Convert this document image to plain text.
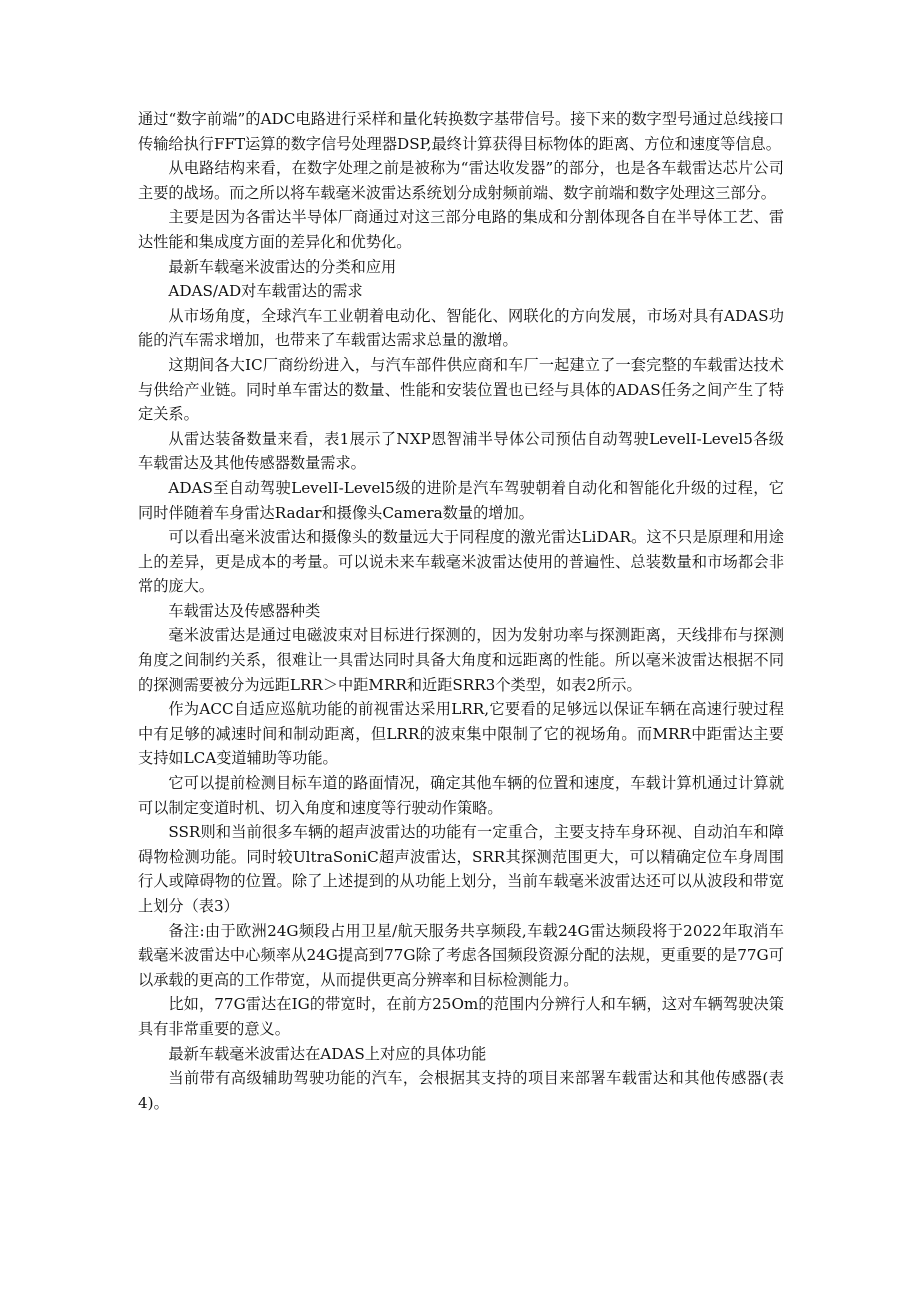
通过“数字前端”的ADC电路进行采样和量化转换数字基带信号。接下来的数字型号通过总线接口传输给执行FFT运算的数字信号处理器DSP,最终计算获得目标物体的距离、方位和速度等信息。

从电路结构来看，在数字处理之前是被称为“雷达收发器”的部分，也是各车载雷达芯片公司主要的战场。而之所以将车载毫米波雷达系统划分成射频前端、数字前端和数字处理这三部分。

主要是因为各雷达半导体厂商通过对这三部分电路的集成和分割体现各自在半导体工艺、雷达性能和集成度方面的差异化和优势化。

最新车载毫米波雷达的分类和应用

ADAS/AD对车载雷达的需求

从市场角度，全球汽车工业朝着电动化、智能化、网联化的方向发展，市场对具有ADAS功能的汽车需求增加，也带来了车载雷达需求总量的激增。

这期间各大IC厂商纷纷进入，与汽车部件供应商和车厂一起建立了一套完整的车载雷达技术与供给产业链。同时单车雷达的数量、性能和安装位置也已经与具体的ADAS任务之间产生了特定关系。

从雷达装备数量来看，表1展示了NXP恩智浦半导体公司预估自动驾驶LevelI-Level5各级车载雷达及其他传感器数量需求。

ADAS至自动驾驶LevelI-Level5级的进阶是汽车驾驶朝着自动化和智能化升级的过程，它同时伴随着车身雷达Radar和摄像头Camera数量的增加。

可以看出毫米波雷达和摄像头的数量远大于同程度的激光雷达LiDAR。这不只是原理和用途上的差异，更是成本的考量。可以说未来车载毫米波雷达使用的普遍性、总装数量和市场都会非常的庞大。

车载雷达及传感器种类

毫米波雷达是通过电磁波束对目标进行探测的，因为发射功率与探测距离，天线排布与探测角度之间制约关系，很难让一具雷达同时具备大角度和远距离的性能。所以毫米波雷达根据不同的探测需要被分为远距LRR＞中距MRR和近距SRR3个类型，如表2所示。

作为ACC自适应巡航功能的前视雷达采用LRR,它要看的足够远以保证车辆在高速行驶过程中有足够的减速时间和制动距离，但LRR的波束集中限制了它的视场角。而MRR中距雷达主要支持如LCA变道辅助等功能。

它可以提前检测目标车道的路面情况，确定其他车辆的位置和速度，车载计算机通过计算就可以制定变道时机、切入角度和速度等行驶动作策略。

SSR则和当前很多车辆的超声波雷达的功能有一定重合，主要支持车身环视、自动泊车和障碍物检测功能。同时较UltraSoniC超声波雷达，SRR其探测范围更大，可以精确定位车身周围行人或障碍物的位置。除了上述提到的从功能上划分，当前车载毫米波雷达还可以从波段和带宽上划分（表3）

备注:由于欧洲24G频段占用卫星/航天服务共享频段,车载24G雷达频段将于2022年取消车载毫米波雷达中心频率从24G提高到77G除了考虑各国频段资源分配的法规，更重要的是77G可以承载的更高的工作带宽，从而提供更高分辨率和目标检测能力。

比如，77G雷达在IG的带宽时，在前方25Om的范围内分辨行人和车辆，这对车辆驾驶决策具有非常重要的意义。

最新车载毫米波雷达在ADAS上对应的具体功能

当前带有高级辅助驾驶功能的汽车，会根据其支持的项目来部署车载雷达和其他传感器(表4)。
